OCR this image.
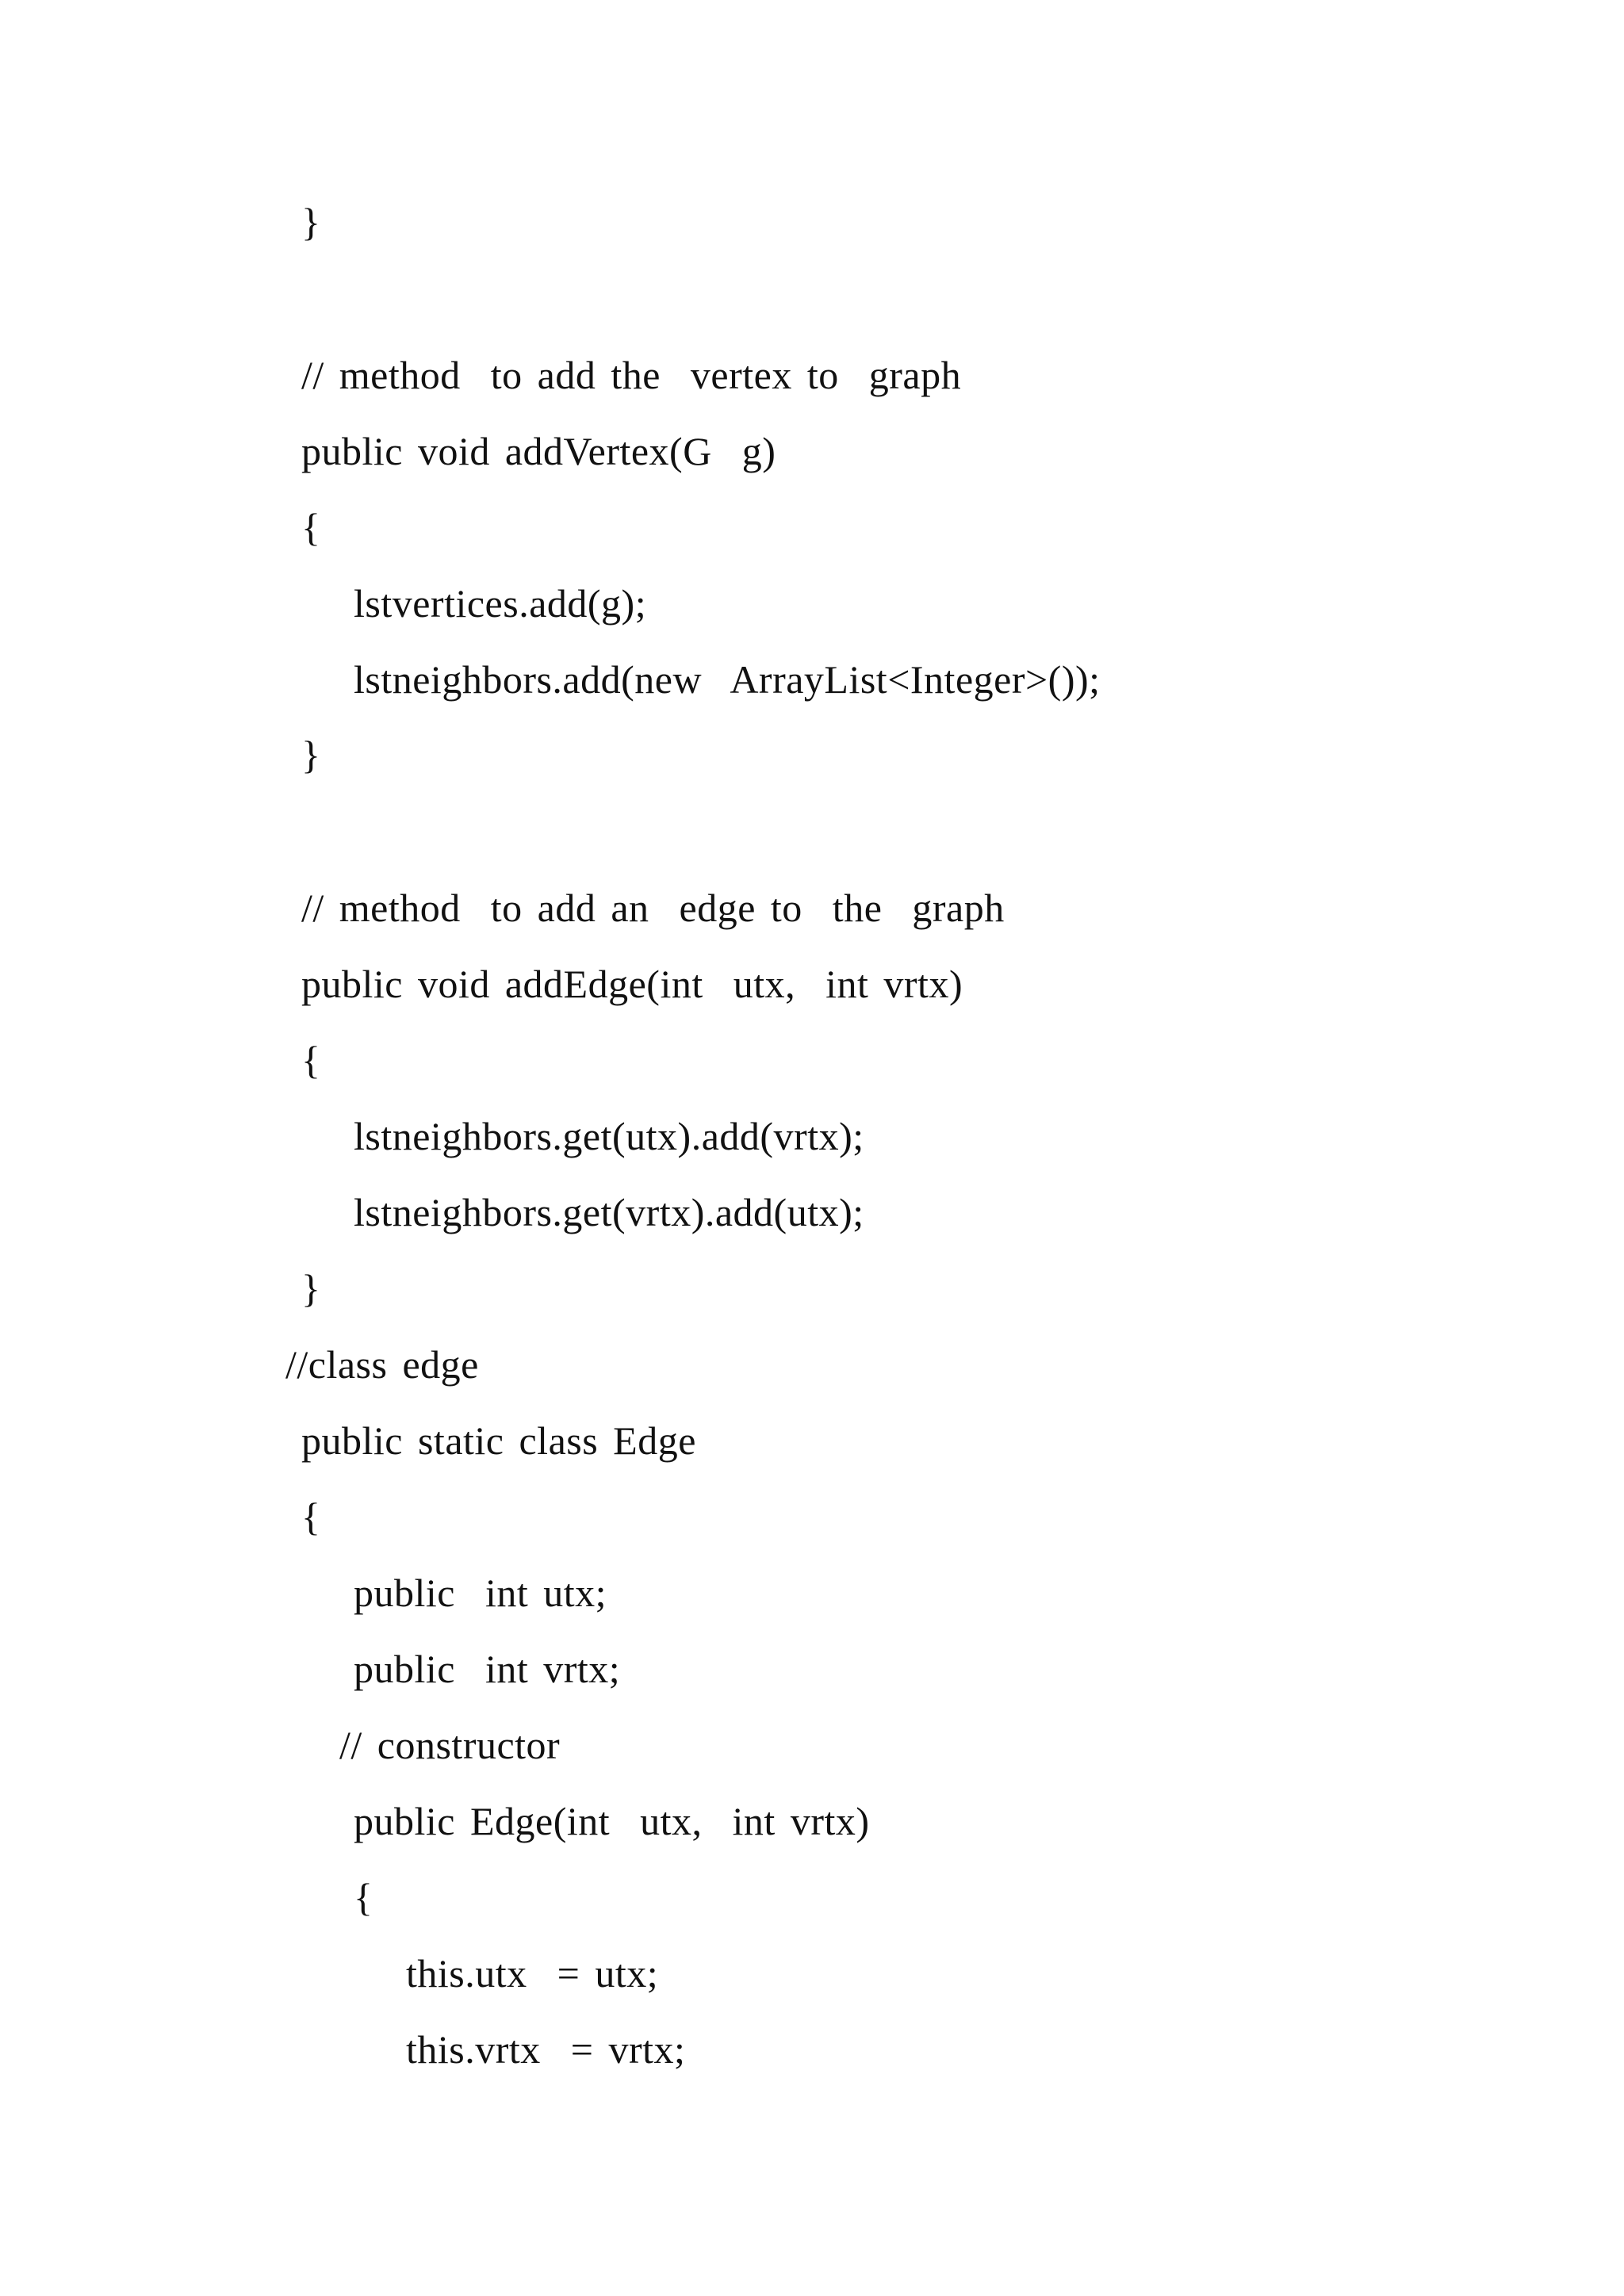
}
// method  to add the  vertex to  graph
public void addVertex(G  g)
{
lstvertices.add(g);
lstneighbors.add(new  ArrayList<Integer>());
}
// method  to add an  edge to  the  graph
public void addEdge(int  utx,  int vrtx)
{
lstneighbors.get(utx).add(vrtx);
lstneighbors.get(vrtx).add(utx);
}
//class edge
public static class Edge
{
public  int utx;
public  int vrtx;
// constructor
public Edge(int  utx,  int vrtx)
{
this.utx  = utx;
this.vrtx  = vrtx;
